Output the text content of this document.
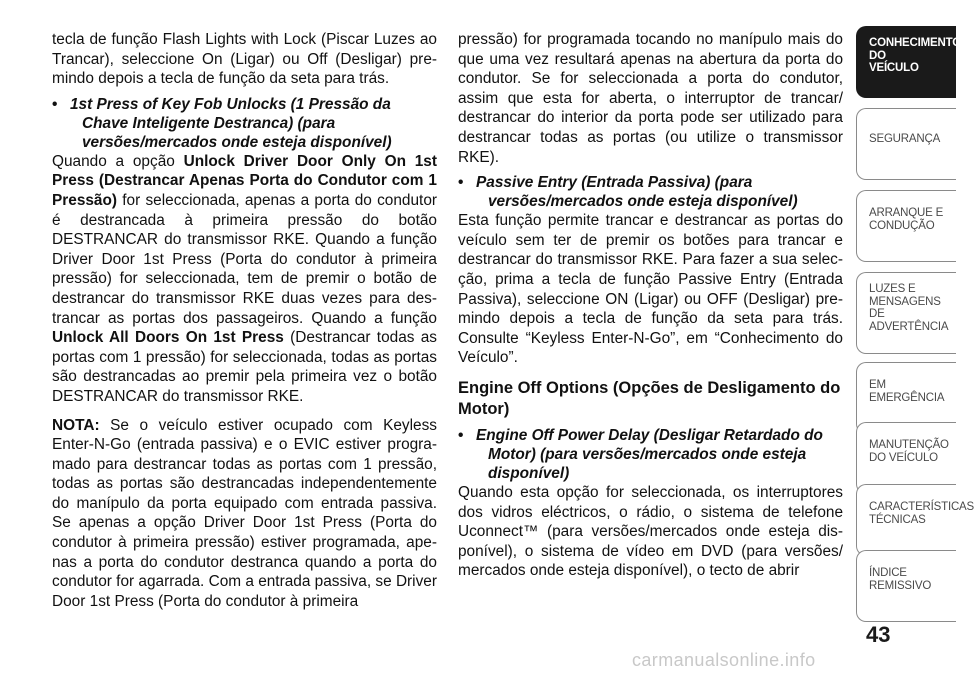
tecla de função Flash Lights with Lock (Piscar Luzes ao Trancar), seleccione On (Ligar) ou Off (Desligar) pre-mindo depois a tecla de função da seta para trás.

• 1st Press of Key Fob Unlocks (1 Pressão da
Chave Inteligente Destranca) (para
versões/mercados onde esteja disponível)

Quando a opção Unlock Driver Door Only On 1st Press (Destrancar Apenas Porta do Condutor com 1 Pressão) for seleccionada, apenas a porta do condutor é destrancada à primeira pressão do botão DESTRANCAR do transmissor RKE. Quando a função Driver Door 1st Press (Porta do condutor à primeira pressão) for seleccionada, tem de premir o botão de destrancar do transmissor RKE duas vezes para des-trancar as portas dos passageiros. Quando a função Unlock All Doors On 1st Press (Destrancar todas as portas com 1 pressão) for seleccionada, todas as portas são destrancadas ao premir pela primeira vez o botão DESTRANCAR do transmissor RKE.

NOTA: Se o veículo estiver ocupado com Keyless Enter-N-Go (entrada passiva) e o EVIC estiver progra-mado para destrancar todas as portas com 1 pressão, todas as portas são destrancadas independentemente do manípulo da porta equipado com entrada passiva. Se apenas a opção Driver Door 1st Press (Porta do condutor à primeira pressão) estiver programada, ape-nas a porta do condutor destranca quando a porta do condutor for agarrada. Com a entrada passiva, se Driver Door 1st Press (Porta do condutor à primeira

pressão) for programada tocando no manípulo mais do que uma vez resultará apenas na abertura da porta do condutor. Se for seleccionada a porta do condutor, assim que esta for aberta, o interruptor de trancar/ destrancar do interior da porta pode ser utilizado para destrancar todas as portas (ou utilize o transmissor RKE).

• Passive Entry (Entrada Passiva) (para
versões/mercados onde esteja disponível)

Esta função permite trancar e destrancar as portas do veículo sem ter de premir os botões para trancar e destrancar do transmissor RKE. Para fazer a sua selec-ção, prima a tecla de função Passive Entry (Entrada Passiva), seleccione ON (Ligar) ou OFF (Desligar) pre-mindo depois a tecla de função da seta para trás. Consulte “Keyless Enter-N-Go”, em “Conhecimento do Veículo”.

Engine Off Options (Opções de Desligamento do Motor)
• Engine Off Power Delay (Desligar Retardado do
Motor) (para versões/mercados onde esteja
disponível)

Quando esta opção for seleccionada, os interruptores dos vidros eléctricos, o rádio, o sistema de telefone Uconnect™ (para versões/mercados onde esteja dis-ponível), o sistema de vídeo em DVD (para versões/ mercados onde esteja disponível), o tecto de abrir

CONHECIMENTO
DO
VEÍCULO
SEGURANÇA
ARRANQUE E
CONDUÇÃO
LUZES E
MENSAGENS
DE
ADVERTÊNCIA
EM
EMERGÊNCIA
MANUTENÇÃO
DO VEÍCULO
CARACTERÍSTICAS
TÉCNICAS
ÍNDICE
REMISSIVO
43
carmanualsonline.info
